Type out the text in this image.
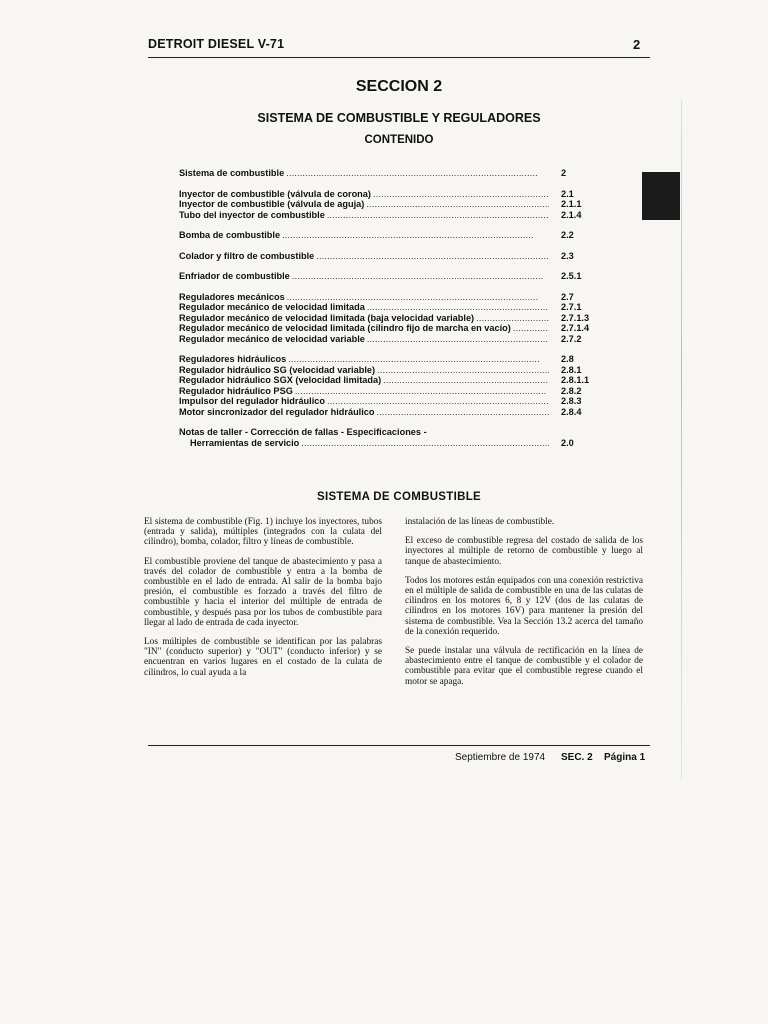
DETROIT DIESEL V-71	2
SECCION 2
SISTEMA DE COMBUSTIBLE Y REGULADORES
CONTENIDO
Sistema de combustible . . .	2
Inyector de combustible (válvula de corona) . . .	2.1
Inyector de combustible (válvula de aguja) . . .	2.1.1
Tubo del inyector de combustible . . .	2.1.4
Bomba de combustible . . .	2.2
Colador y filtro de combustible . . .	2.3
Enfriador de combustible . . .	2.5.1
Reguladores mecánicos . . .	2.7
Regulador mecánico de velocidad limitada . . .	2.7.1
Regulador mecánico de velocidad limitada (baja velocidad variable) . . .	2.7.1.3
Regulador mecánico de velocidad limitada (cilindro fijo de marcha en vacío) . . .	2.7.1.4
Regulador mecánico de velocidad variable . . .	2.7.2
Reguladores hidráulicos . . .	2.8
Regulador hidráulico SG (velocidad variable) . . .	2.8.1
Regulador hidráulico SGX (velocidad limitada) . . .	2.8.1.1
Regulador hidráulico PSG . . .	2.8.2
Impulsor del regulador hidráulico . . .	2.8.3
Motor sincronizador del regulador hidráulico . . .	2.8.4
Notas de taller - Corrección de fallas - Especificaciones -
Herramientas de servicio . . .	2.0
SISTEMA DE COMBUSTIBLE

El sistema de combustible (Fig. 1) incluye los inyectores, tubos (entrada y salida), múltiples (integrados con la culata del cilindro), bomba, colador, filtro y líneas de combustible.

El combustible proviene del tanque de abastecimiento y pasa a través del colador de combustible y entra a la bomba de combustible en el lado de entrada. Al salir de la bomba bajo presión, el combustible es forzado a través del filtro de combustible y hacia el interior del múltiple de entrada de combustible, y después pasa por los tubos de combustible para llegar al lado de entrada de cada inyector.

Los múltiples de combustible se identifican por las palabras "IN" (conducto superior) y "OUT" (conducto inferior) y se encuentran en varios lugares en el costado de la culata de cilindros, lo cual ayuda a la

instalación de las líneas de combustible.

El exceso de combustible regresa del costado de salida de los inyectores al múltiple de retorno de combustible y luego al tanque de abastecimiento.

Todos los motores están equipados con una conexión restrictiva en el múltiple de salida de combustible en una de las culatas de cilindros en los motores 6, 8 y 12V (dos de las culatas de cilindros en los motores 16V) para mantener la presión del sistema de combustible. Vea la Sección 13.2 acerca del tamaño de la conexión requerido.

Se puede instalar una válvula de rectificación en la línea de abastecimiento entre el tanque de combustible y el colador de combustible para evitar que el combustible regrese cuando el motor se apaga.

Septiembre de 1974 SEC. 2 Página 1
